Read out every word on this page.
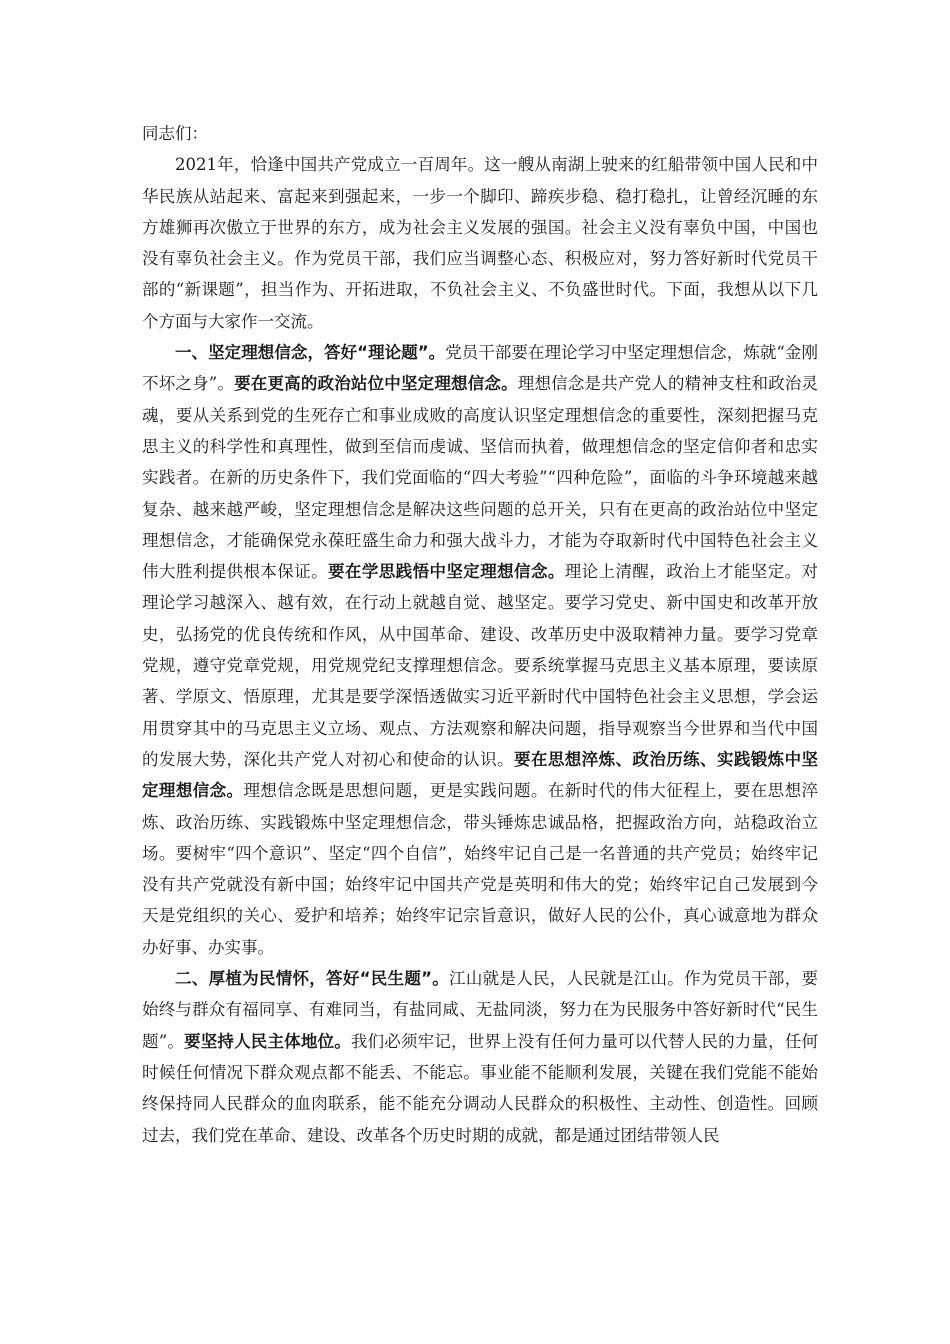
同志们：

2021年，恰逢中国共产党成立一百周年。这一艘从南湖上驶来的红船带领中国人民和中华民族从站起来、富起来到强起来，一步一个脚印、蹄疾步稳、稳打稳扎，让曾经沉睡的东方雄狮再次傲立于世界的东方，成为社会主义发展的强国。社会主义没有辜负中国，中国也没有辜负社会主义。作为党员干部，我们应当调整心态、积极应对，努力答好新时代党员干部的“新课题”，担当作为、开拓进取，不负社会主义、不负盛世时代。下面，我想从以下几个方面与大家作一交流。

一、坚定理想信念，答好“理论题”。党员干部要在理论学习中坚定理想信念，炼就“金刚不坏之身”。要在更高的政治站位中坚定理想信念。理想信念是共产党人的精神支柱和政治灵魂，要从关系到党的生死存亡和事业成败的高度认识坚定理想信念的重要性，深刻把握马克思主义的科学性和真理性，做到至信而虔诚、坚信而执着，做理想信念的坚定信仰者和忠实实践者。在新的历史条件下，我们党面临的“四大考验”“四种危险”，面临的斗争环境越来越复杂、越来越严峻，坚定理想信念是解决这些问题的总开关，只有在更高的政治站位中坚定理想信念，才能确保党永葆旺盛生命力和强大战斗力，才能为夺取新时代中国特色社会主义伟大胜利提供根本保证。要在学思践悟中坚定理想信念。理论上清醒，政治上才能坚定。对理论学习越深入、越有效，在行动上就越自觉、越坚定。要学习党史、新中国史和改革开放史，弘扬党的优良传统和作风，从中国革命、建设、改革历史中汲取精神力量。要学习党章党规，遵守党章党规，用党规党纪支撑理想信念。要系统掌握马克思主义基本原理，要读原著、学原文、悟原理，尤其是要学深悟透做实习近平新时代中国特色社会主义思想，学会运用贯穿其中的马克思主义立场、观点、方法观察和解决问题，指导观察当今世界和当代中国的发展大势，深化共产党人对初心和使命的认识。要在思想淬炼、政治历练、实践锻炼中坚定理想信念。理想信念既是思想问题，更是实践问题。在新时代的伟大征程上，要在思想淬炼、政治历练、实践锻炼中坚定理想信念，带头锤炼忠诚品格，把握政治方向，站稳政治立场。要树牢“四个意识”、坚定“四个自信”，始终牢记自己是一名普通的共产党员；始终牢记没有共产党就没有新中国；始终牢记中国共产党是英明和伟大的党；始终牢记自己发展到今天是党组织的关心、爱护和培养；始终牢记宗旨意识，做好人民的公仆，真心诚意地为群众办好事、办实事。

二、厚植为民情怀，答好“民生题”。江山就是人民，人民就是江山。作为党员干部，要始终与群众有福同享、有难同当，有盐同咸、无盐同淡，努力在为民服务中答好新时代“民生题”。要坚持人民主体地位。我们必须牢记，世界上没有任何力量可以代替人民的力量，任何时候任何情况下群众观点都不能丢、不能忘。事业能不能顺利发展，关键在我们党能不能始终保持同人民群众的血肉联系，能不能充分调动人民群众的积极性、主动性、创造性。回顾过去，我们党在革命、建设、改革各个历史时期的成就，都是通过团结带领人民
